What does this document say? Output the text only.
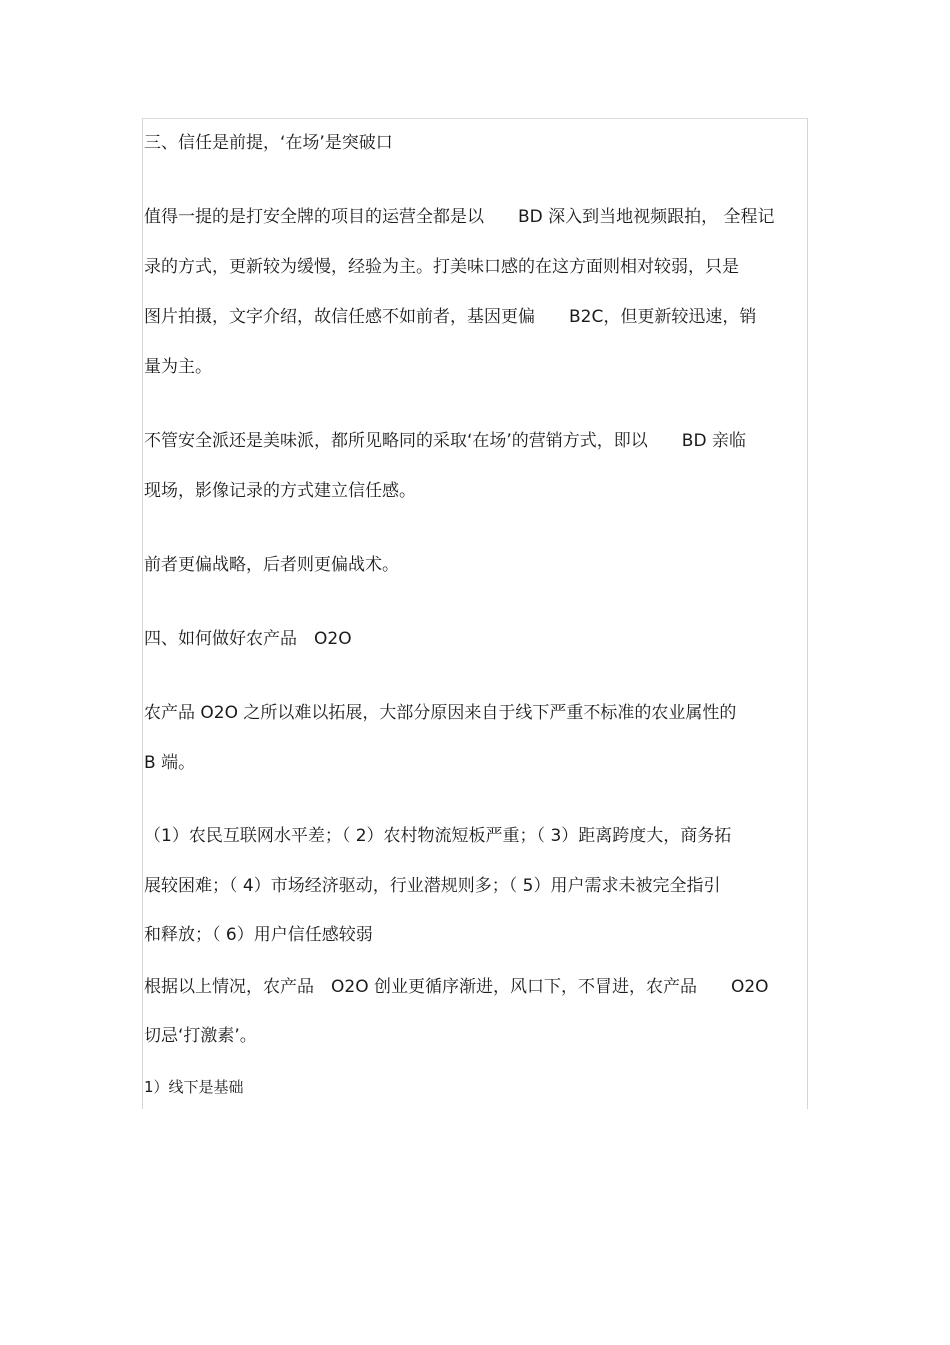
三、信任是前提，‘在场’是突破口
值得一提的是打安全牌的项目的运营全都是以　　BD 深入到当地视频跟拍， 全程记
录的方式，更新较为缓慢，经验为主。打美味口感的在这方面则相对较弱，只是
图片拍摄，文字介绍，故信任感不如前者，基因更偏　　B2C，但更新较迅速，销
量为主。
不管安全派还是美味派，都所见略同的采取‘在场’的营销方式，即以　　BD 亲临
现场，影像记录的方式建立信任感。
前者更偏战略，后者则更偏战术。
四、如何做好农产品　O2O
农产品 O2O 之所以难以拓展，大部分原因来自于线下严重不标准的农业属性的
B 端。
（1）农民互联网水平差；（ 2）农村物流短板严重；（ 3）距离跨度大，商务拓
展较困难；（ 4）市场经济驱动，行业潜规则多；（ 5）用户需求未被完全指引
和释放；（ 6）用户信任感较弱
根据以上情况，农产品　O2O 创业更循序渐进，风口下，不冒进，农产品　　O2O
切忌‘打激素’。
1）线下是基础
